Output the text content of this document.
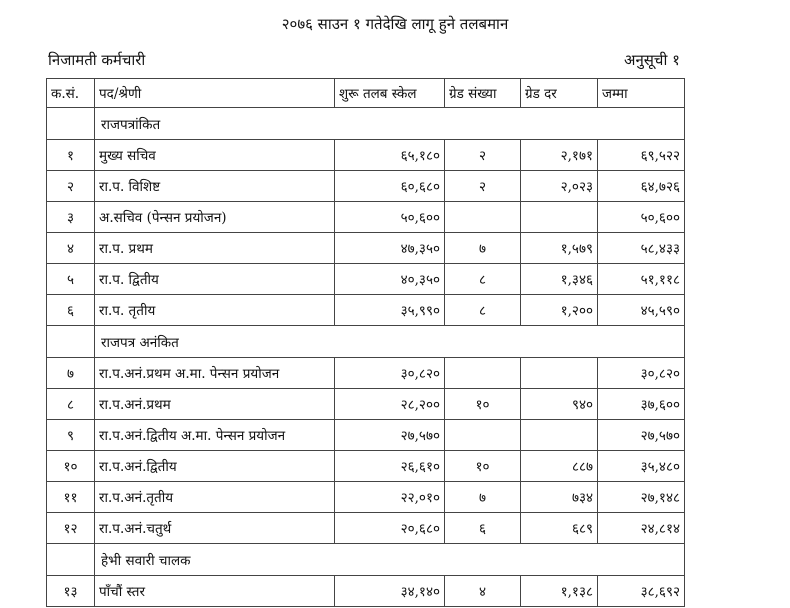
२०७६ साउन १ गतेदेखि लागू हुने तलबमान
निजामती कर्मचारी	अनुसूची १
क.सं.	पद/श्रेणी	शुरू तलब स्केल	ग्रेड संख्या	ग्रेड दर	जम्मा
	राजपत्रांकित				
१	मुख्य सचिव	६५,१८०	२	२,१७१	६९,५२२
२	रा.प. विशिष्ट	६०,६८०	२	२,०२३	६४,७२६
३	अ.सचिव (पेन्सन प्रयोजन)	५०,६००			५०,६००
४	रा.प. प्रथम	४७,३५०	७	१,५७९	५८,४३३
५	रा.प. द्वितीय	४०,३५०	८	१,३४६	५१,११८
६	रा.प. तृतीय	३५,९९०	८	१,२००	४५,५९०
	राजपत्र अनंकित				
७	रा.प.अनं.प्रथम अ.मा. पेन्सन प्रयोजन	३०,८२०			३०,८२०
८	रा.प.अनं.प्रथम	२८,२००	१०	९४०	३७,६००
९	रा.प.अनं.द्वितीय अ.मा. पेन्सन प्रयोजन	२७,५७०			२७,५७०
१०	रा.प.अनं.द्वितीय	२६,६१०	१०	८८७	३५,४८०
११	रा.प.अनं.तृतीय	२२,०१०	७	७३४	२७,१४८
१२	रा.प.अनं.चतुर्थ	२०,६८०	६	६८९	२४,८१४
	हेभी सवारी चालक				
१३	पाँचौं स्तर	३४,१४०	४	१,१३८	३८,६९२
